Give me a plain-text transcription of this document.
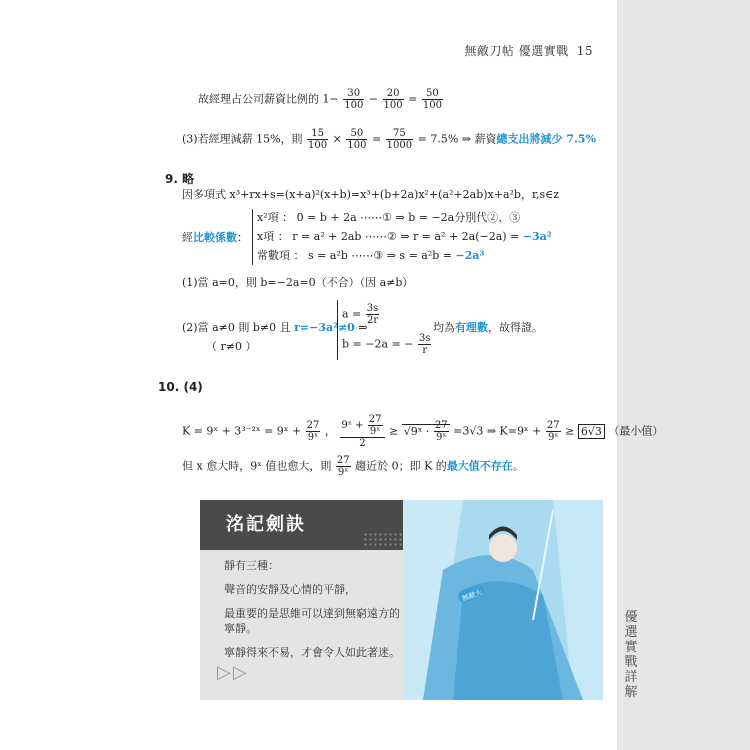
優
選
實
戰
詳
解
無敵刀帖 優選實戰 15
故經理占公司薪資比例的 $1- \frac{30}{100} - \frac{20}{100} = \frac{50}{100}$
(3)若經理減薪 15%，則 $\frac{15}{100} \times \frac{50}{100} = \frac{75}{1000} = 7.5\%$ ⇒ 薪資總支出將減少 7.5%
9. 略
因多項式 x³+rx+s=(x+a)²(x+b)=x³+(b+2a)x²+(a²+2ab)x+a²b，r,s∈z
經比較係數：
x²項 ： 0 = b + 2a ⋯⋯① ⇒ b = −2a分別代②、③
x項 ： r = a² + 2ab ⋯⋯② ⇒ r = a² + 2a(−2a) = −3a²
常數項 ： s = a²b ⋯⋯③ ⇒ s = a²b = −2a³
(1)當 a=0，則 b=−2a=0（不合）（因 a≠b）
(2)當 a≠0 則 b≠0 且 r=−3a²≠0 ⇒
（ r≠0 ）
$a = \frac{3s}{2r}$
b = −2a = − $\frac{3s}{r}$
均為有理數，故得證。
10. (4)
K = 9ˣ + 3³⁻²ˣ = 9ˣ + $\frac{27}{\text{9ˣ}}$ ， $\frac{9ˣ + \frac{27}{\text{9ˣ}}}{2}$ ≥ √9ˣ · $\frac{27}{\text{9ˣ}} =3√3$ ⇒ K=9ˣ + $\frac{27}{\text{9ˣ}} \ge 6√3$ （最小值）
但 x 愈大時，9ˣ 值也愈大，則 $\frac{27}{\text{9ˣ}}$ 趨近於 0；即 K 的最大值不存在。
洺記劍訣

靜有三種：

聲音的安靜及心情的平靜，

最重要的是思維可以達到無窮遠方的寧靜。

寧靜得來不易，才會令人如此著迷。

▷▷
無敵大
